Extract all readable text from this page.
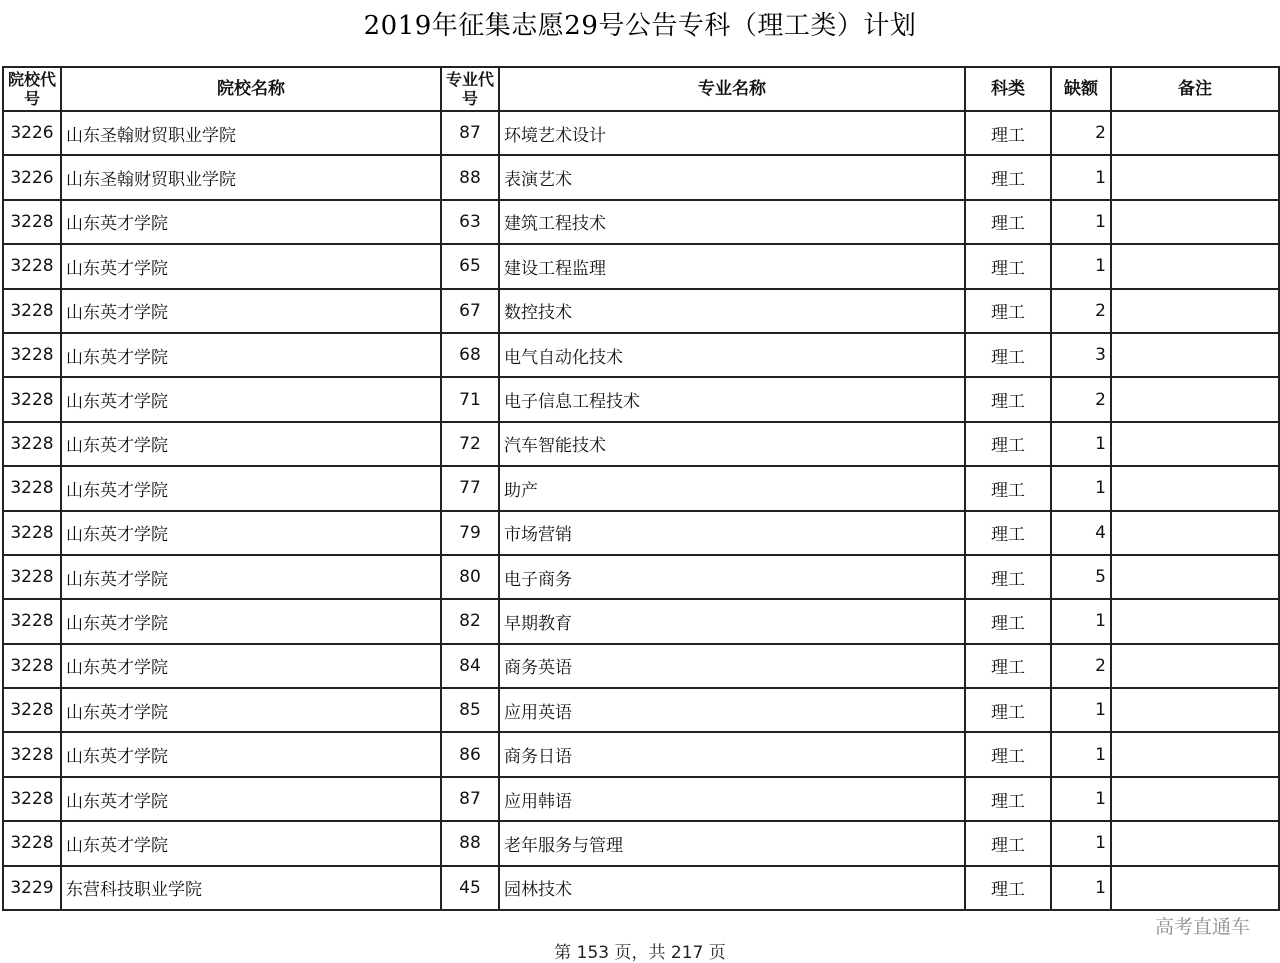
2019年征集志愿29号公告专科（理工类）计划
院校代号	院校名称	专业代号	专业名称	科类	缺额	备注
3226	山东圣翰财贸职业学院	87	环境艺术设计	理工	2	
3226	山东圣翰财贸职业学院	88	表演艺术	理工	1	
3228	山东英才学院	63	建筑工程技术	理工	1	
3228	山东英才学院	65	建设工程监理	理工	1	
3228	山东英才学院	67	数控技术	理工	2	
3228	山东英才学院	68	电气自动化技术	理工	3	
3228	山东英才学院	71	电子信息工程技术	理工	2	
3228	山东英才学院	72	汽车智能技术	理工	1	
3228	山东英才学院	77	助产	理工	1	
3228	山东英才学院	79	市场营销	理工	4	
3228	山东英才学院	80	电子商务	理工	5	
3228	山东英才学院	82	早期教育	理工	1	
3228	山东英才学院	84	商务英语	理工	2	
3228	山东英才学院	85	应用英语	理工	1	
3228	山东英才学院	86	商务日语	理工	1	
3228	山东英才学院	87	应用韩语	理工	1	
3228	山东英才学院	88	老年服务与管理	理工	1	
3229	东营科技职业学院	45	园林技术	理工	1	
高考直通车
第 153 页，共 217 页
